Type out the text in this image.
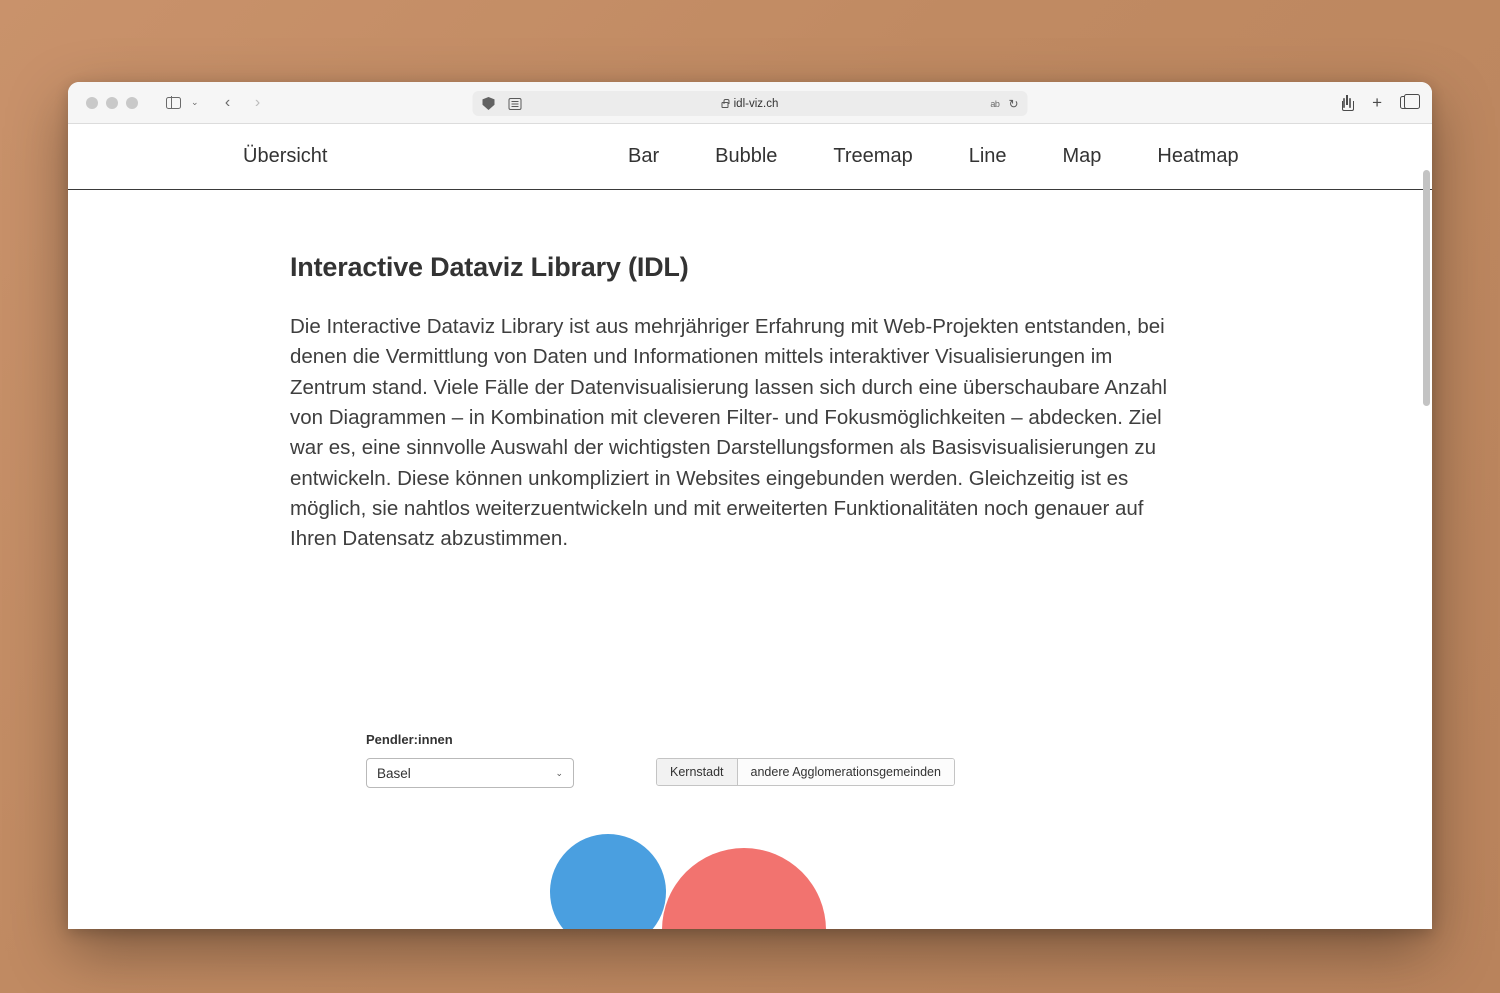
⌄ ‹ ›	idl-viz.ch	ab ↻	+
Übersicht	Bar	Bubble	Treemap	Line	Map	Heatmap
Interactive Dataviz Library (IDL)

Die Interactive Dataviz Library ist aus mehrjähriger Erfahrung mit Web-Projekten entstanden, bei denen die Vermittlung von Daten und Informationen mittels interaktiver Visualisierungen im Zentrum stand. Viele Fälle der Datenvisualisierung lassen sich durch eine überschaubare Anzahl von Diagrammen – in Kombination mit cleveren Filter- und Fokusmöglichkeiten – abdecken. Ziel war es, eine sinnvolle Auswahl der wichtigsten Darstellungsformen als Basisvisualisierungen zu entwickeln. Diese können unkompliziert in Websites eingebunden werden. Gleichzeitig ist es möglich, sie nahtlos weiterzuentwickeln und mit erweiterten Funktionalitäten noch genauer auf Ihren Datensatz abzustimmen.

Pendler:innen
Basel	⌄	Kernstadt	andere Agglomerationsgemeinden
